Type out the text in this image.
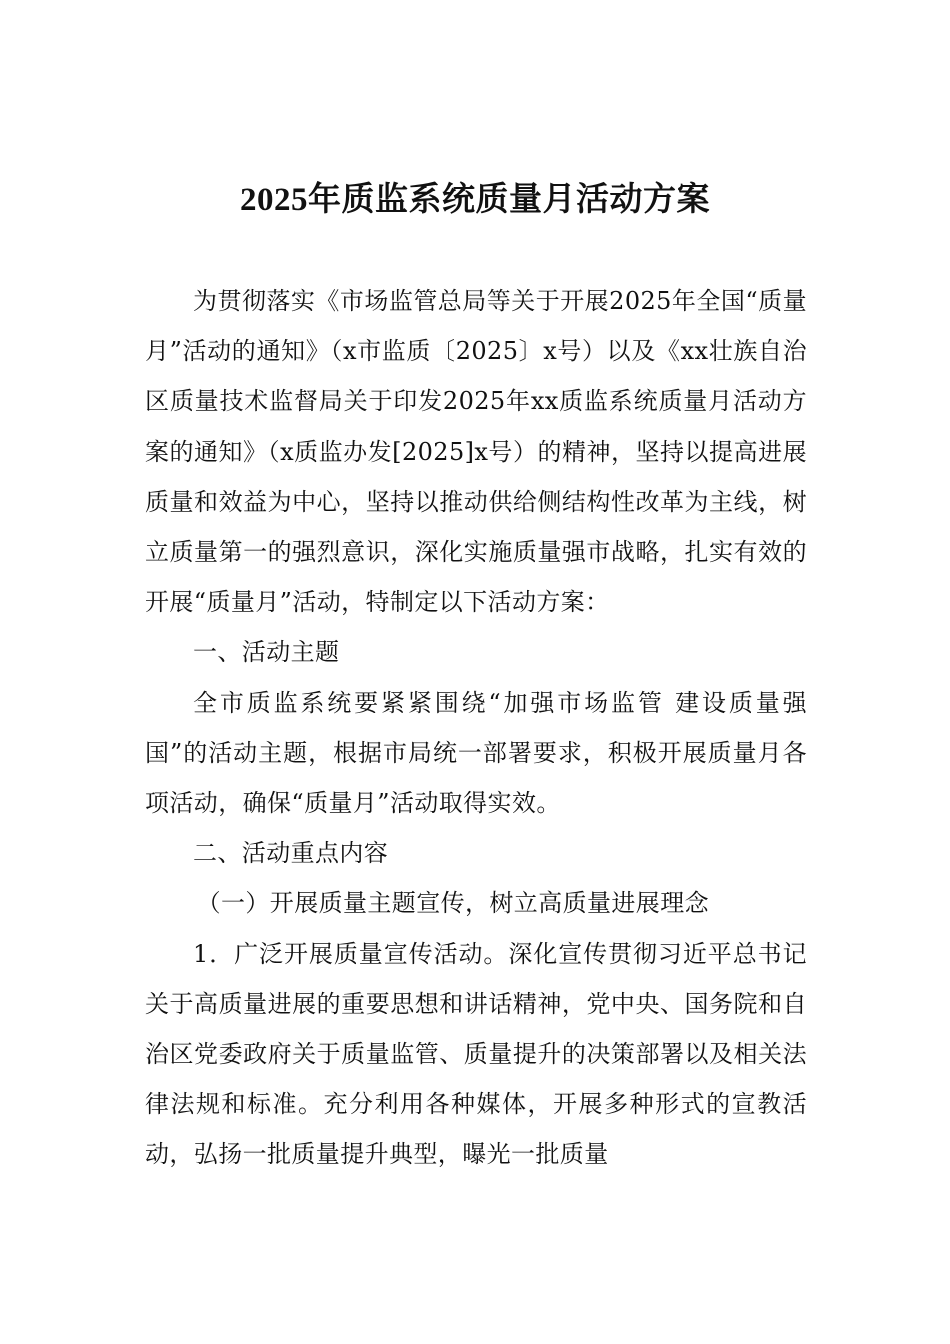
2025年质监系统质量月活动方案

为贯彻落实《市场监管总局等关于开展2025年全国“质量月”活动的通知》（x市监质〔2025〕x号）以及《xx壮族自治区质量技术监督局关于印发2025年xx质监系统质量月活动方案的通知》（x质监办发[2025]x号）的精神，坚持以提高进展质量和效益为中心，坚持以推动供给侧结构性改革为主线，树立质量第一的强烈意识，深化实施质量强市战略，扎实有效的开展“质量月”活动，特制定以下活动方案：

一、活动主题

全市质监系统要紧紧围绕“加强市场监管 建设质量强国”的活动主题，根据市局统一部署要求，积极开展质量月各项活动，确保“质量月”活动取得实效。

二、活动重点内容

（一）开展质量主题宣传，树立高质量进展理念

1．广泛开展质量宣传活动。深化宣传贯彻习近平总书记关于高质量进展的重要思想和讲话精神，党中央、国务院和自治区党委政府关于质量监管、质量提升的决策部署以及相关法律法规和标准。充分利用各种媒体，开展多种形式的宣教活动，弘扬一批质量提升典型，曝光一批质量
